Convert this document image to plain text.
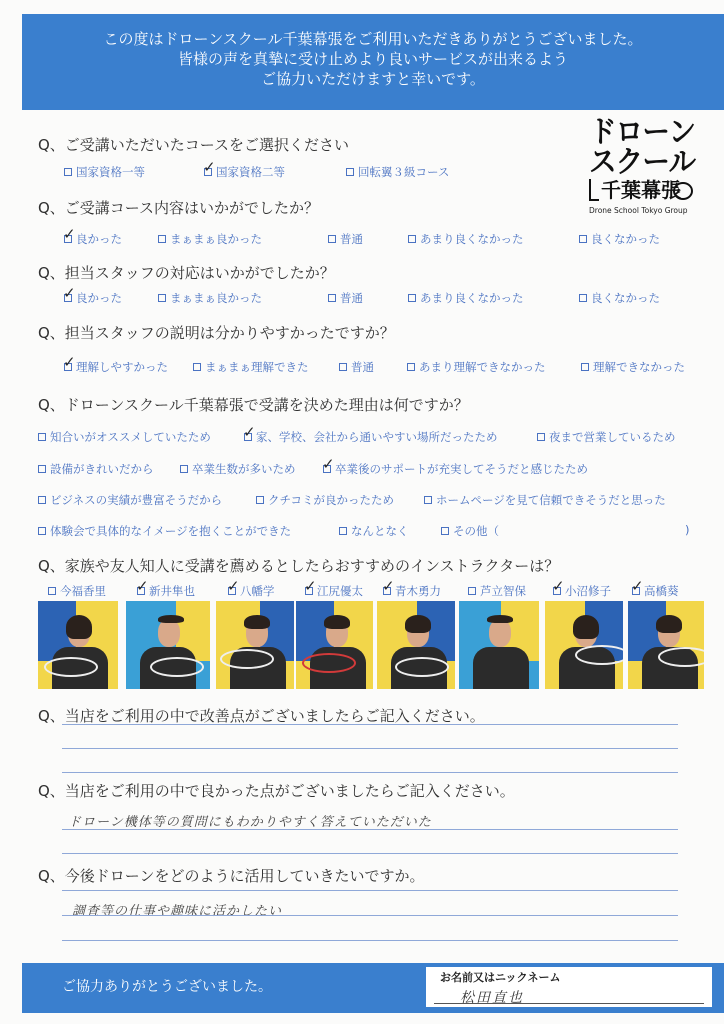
この度はドローンスクール千葉幕張をご利用いただきありがとうございました。
皆様の声を真摯に受け止めより良いサービスが出来るよう
ご協力いただけますと幸いです。
ドローン
スクール
千葉幕張
Drone School Tokyo Group
Q、ご受講いただいたコースをご選択ください
国家資格一等	国家資格二等	回転翼３級コース
✓
Q、ご受講コース内容はいかがでしたか？
良かった	まぁまぁ良かった	普通	あまり良くなかった	良くなかった
✓
Q、担当スタッフの対応はいかがでしたか？
良かった	まぁまぁ良かった	普通	あまり良くなかった	良くなかった
✓
Q、担当スタッフの説明は分かりやすかったですか？
理解しやすかった	まぁまぁ理解できた	普通	あまり理解できなかった	理解できなかった
✓
Q、ドローンスクール千葉幕張で受講を決めた理由は何ですか？
知合いがオススメしていたため	家、学校、会社から通いやすい場所だったため	夜まで営業しているため
設備がきれいだから	卒業生数が多いため	卒業後のサポートが充実してそうだと感じたため
ビジネスの実績が豊富そうだから	クチコミが良かったため	ホームページを見て信頼できそうだと思った
体験会で具体的なイメージを抱くことができた	なんとなく	その他（	)
✓
✓
Q、家族や友人知人に受講を薦めるとしたらおすすめのインストラクターは？
今福香里	新井隼也	八幡学	江尻優太	青木勇力	芦立智保	小沼修子	高橋葵
✓	✓	✓	✓	✓	✓
Q、当店をご利用の中で改善点がございましたらご記入ください。
Q、当店をご利用の中で良かった点がございましたらご記入ください。
ドローン機体等の質問にもわかりやすく答えていただいた
Q、今後ドローンをどのように活用していきたいですか。
調査等の仕事や趣味に活かしたい
ご協力ありがとうございました。
お名前又はニックネーム
松田直也
